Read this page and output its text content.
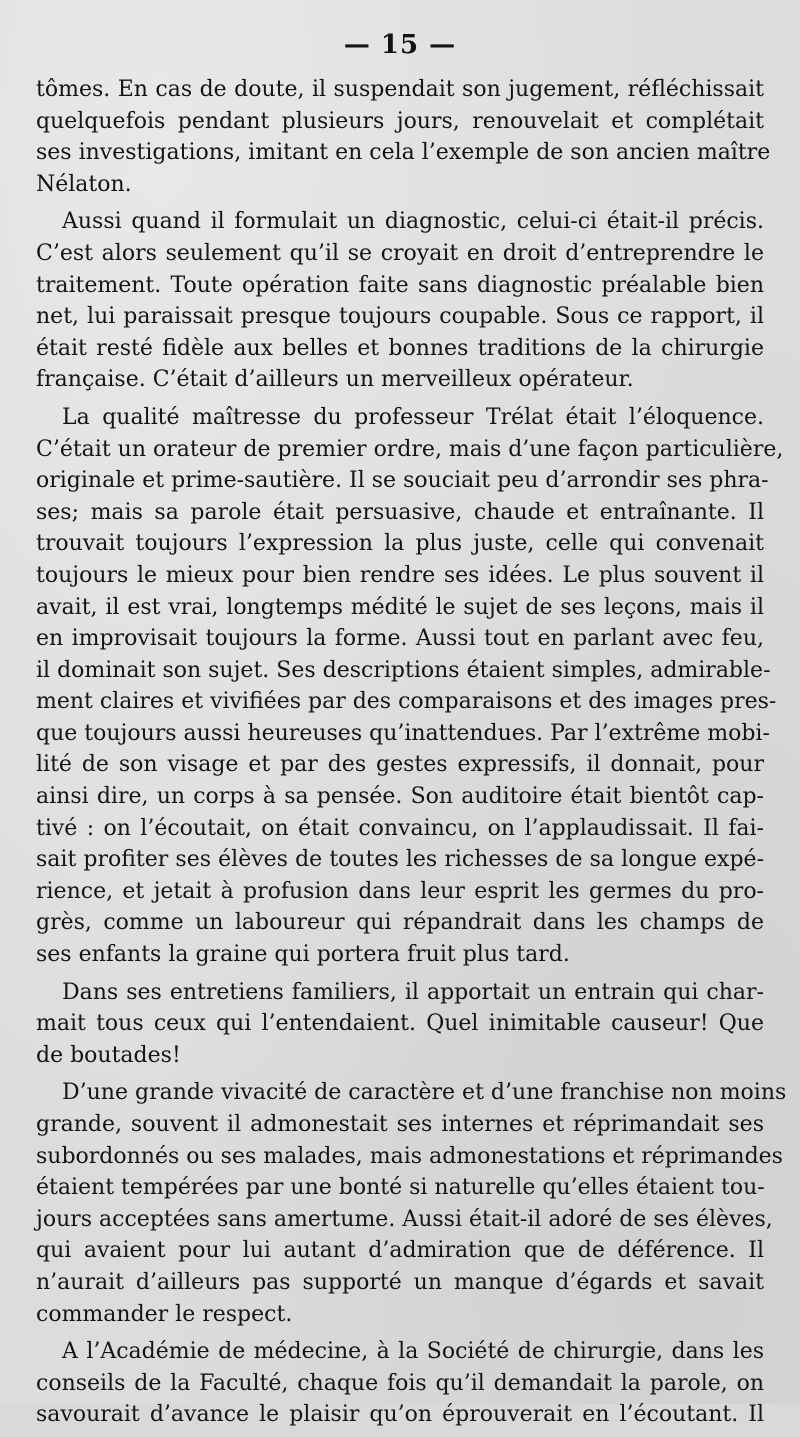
— 15 —
tômes. En cas de doute, il suspendait son jugement, réfléchissait
quelquefois pendant plusieurs jours, renouvelait et complétait
ses investigations, imitant en cela l’exemple de son ancien maître
Nélaton.
Aussi quand il formulait un diagnostic, celui-ci était-il précis.
C’est alors seulement qu’il se croyait en droit d’entreprendre le
traitement. Toute opération faite sans diagnostic préalable bien
net, lui paraissait presque toujours coupable. Sous ce rapport, il
était resté fidèle aux belles et bonnes traditions de la chirurgie
française. C’était d’ailleurs un merveilleux opérateur.
La qualité maîtresse du professeur Trélat était l’éloquence.
C’était un orateur de premier ordre, mais d’une façon particulière,
originale et prime-sautière. Il se souciait peu d’arrondir ses phra-
ses; mais sa parole était persuasive, chaude et entraînante. Il
trouvait toujours l’expression la plus juste, celle qui convenait
toujours le mieux pour bien rendre ses idées. Le plus souvent il
avait, il est vrai, longtemps médité le sujet de ses leçons, mais il
en improvisait toujours la forme. Aussi tout en parlant avec feu,
il dominait son sujet. Ses descriptions étaient simples, admirable-
ment claires et vivifiées par des comparaisons et des images pres-
que toujours aussi heureuses qu’inattendues. Par l’extrême mobi-
lité de son visage et par des gestes expressifs, il donnait, pour
ainsi dire, un corps à sa pensée. Son auditoire était bientôt cap-
tivé : on l’écoutait, on était convaincu, on l’applaudissait. Il fai-
sait profiter ses élèves de toutes les richesses de sa longue expé-
rience, et jetait à profusion dans leur esprit les germes du pro-
grès, comme un laboureur qui répandrait dans les champs de
ses enfants la graine qui portera fruit plus tard.
Dans ses entretiens familiers, il apportait un entrain qui char-
mait tous ceux qui l’entendaient. Quel inimitable causeur! Que
de boutades!
D’une grande vivacité de caractère et d’une franchise non moins
grande, souvent il admonestait ses internes et réprimandait ses
subordonnés ou ses malades, mais admonestations et réprimandes
étaient tempérées par une bonté si naturelle qu’elles étaient tou-
jours acceptées sans amertume. Aussi était-il adoré de ses élèves,
qui avaient pour lui autant d’admiration que de déférence. Il
n’aurait d’ailleurs pas supporté un manque d’égards et savait
commander le respect.
A l’Académie de médecine, à la Société de chirurgie, dans les
conseils de la Faculté, chaque fois qu’il demandait la parole, on
savourait d’avance le plaisir qu’on éprouverait en l’écoutant. Il
